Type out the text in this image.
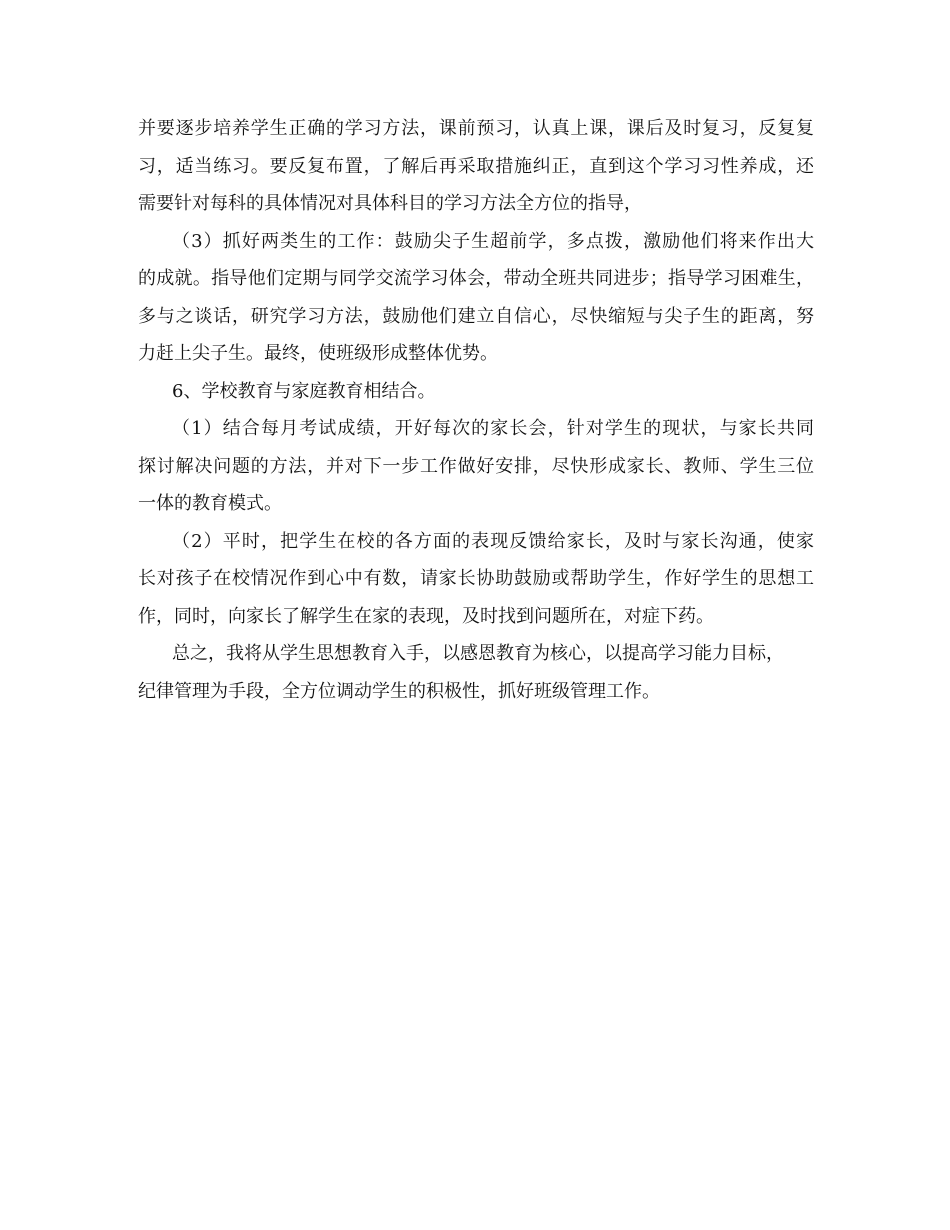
并要逐步培养学生正确的学习方法，课前预习，认真上课，课后及时复习，反复复
习，适当练习。要反复布置，了解后再采取措施纠正，直到这个学习习性养成，还
需要针对每科的具体情况对具体科目的学习方法全方位的指导，
（3）抓好两类生的工作：鼓励尖子生超前学，多点拨，激励他们将来作出大
的成就。指导他们定期与同学交流学习体会，带动全班共同进步；指导学习困难生，
多与之谈话，研究学习方法，鼓励他们建立自信心，尽快缩短与尖子生的距离，努
力赶上尖子生。最终，使班级形成整体优势。
6、学校教育与家庭教育相结合。
（1）结合每月考试成绩，开好每次的家长会，针对学生的现状，与家长共同
探讨解决问题的方法，并对下一步工作做好安排，尽快形成家长、教师、学生三位
一体的教育模式。
（2）平时，把学生在校的各方面的表现反馈给家长，及时与家长沟通，使家
长对孩子在校情况作到心中有数，请家长协助鼓励或帮助学生，作好学生的思想工
作，同时，向家长了解学生在家的表现，及时找到问题所在，对症下药。
总之，我将从学生思想教育入手，以感恩教育为核心，以提高学习能力目标，
纪律管理为手段，全方位调动学生的积极性，抓好班级管理工作。
